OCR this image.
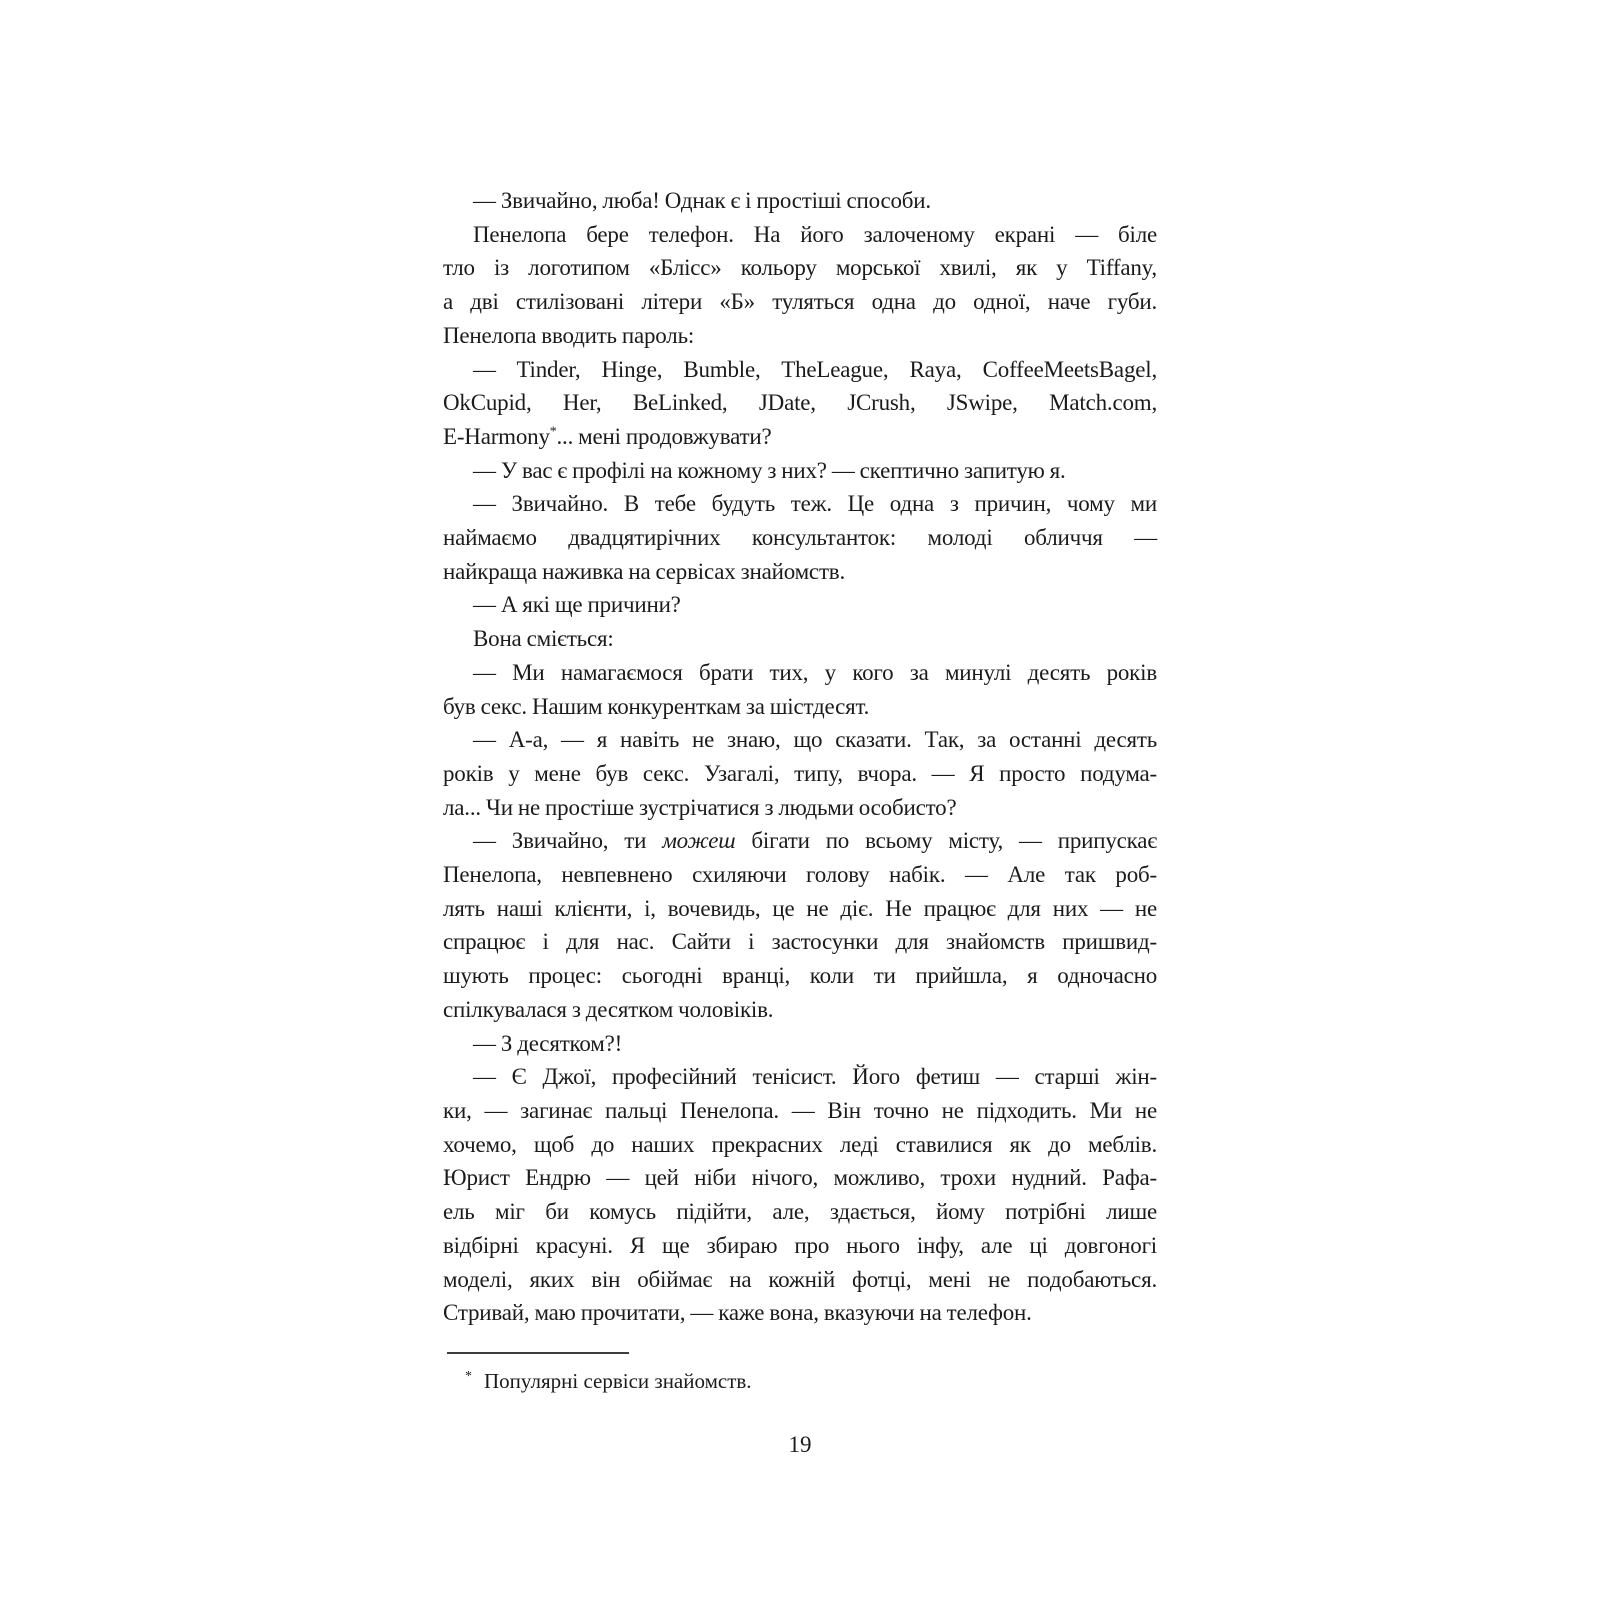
— Звичайно, люба! Однак є і простіші способи.
Пенелопа бере телефон. На його залоченому екрані — біле
тло із логотипом «Блісс» кольору морської хвилі, як у Tiffany,
а дві стилізовані літери «Б» туляться одна до одної, наче губи.
Пенелопа вводить пароль:
— Tinder, Hinge, Bumble, TheLeague, Raya, CoffeeMeetsBagel,
OkCupid, Her, BeLinked, JDate, JCrush, JSwipe, Match.com,
E-Harmony*... мені продовжувати?
— У вас є профілі на кожному з них? — скептично запитую я.
— Звичайно. В тебе будуть теж. Це одна з причин, чому ми
наймаємо двадцятирічних консультанток: молоді обличчя —
найкраща наживка на сервісах знайомств.
— А які ще причини?
Вона сміється:
— Ми намагаємося брати тих, у кого за минулі десять років
був секс. Нашим конкуренткам за шістдесят.
— А-а, — я навіть не знаю, що сказати. Так, за останні десять
років у мене був секс. Узагалі, типу, вчора. — Я просто подума-
ла... Чи не простіше зустрічатися з людьми особисто?
— Звичайно, ти можеш бігати по всьому місту, — припускає
Пенелопа, невпевнено схиляючи голову набік. — Але так роб-
лять наші клієнти, і, вочевидь, це не діє. Не працює для них — не
спрацює і для нас. Сайти і застосунки для знайомств пришвид-
шують процес: сьогодні вранці, коли ти прийшла, я одночасно
спілкувалася з десятком чоловіків.
— З десятком?!
— Є Джої, професійний тенісист. Його фетиш — старші жін-
ки, — загинає пальці Пенелопа. — Він точно не підходить. Ми не
хочемо, щоб до наших прекрасних леді ставилися як до меблів.
Юрист Ендрю — цей ніби нічого, можливо, трохи нудний. Рафа-
ель міг би комусь підійти, але, здається, йому потрібні лише
відбірні красуні. Я ще збираю про нього інфу, але ці довгоногі
моделі, яких він обіймає на кожній фотці, мені не подобаються.
Стривай, маю прочитати, — каже вона, вказуючи на телефон.
* Популярні сервіси знайомств.
19
